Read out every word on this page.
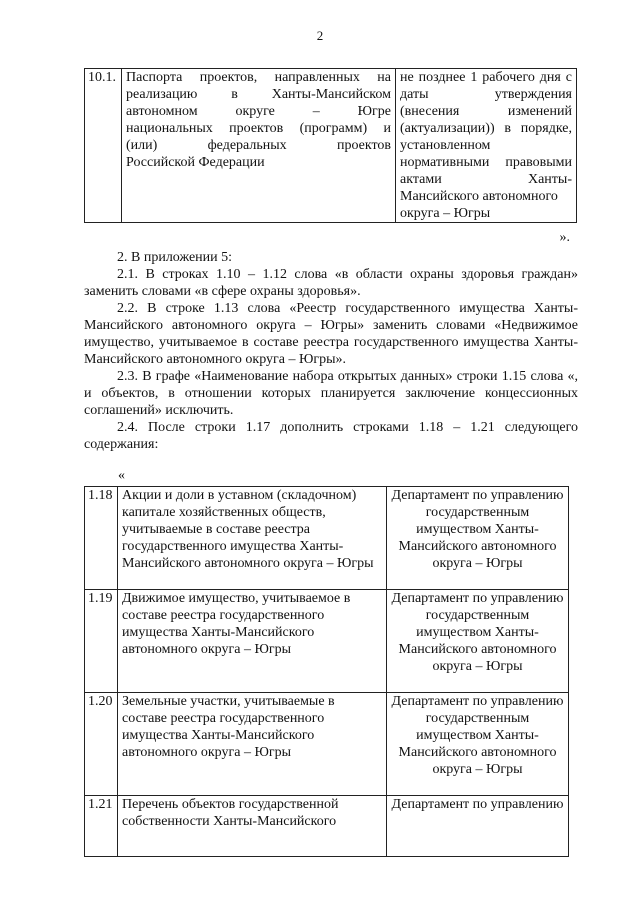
2
10.1.	Паспорта проектов, направленных на
реализацию в Ханты-Мансийском
автономном округе – Югре
национальных проектов (программ) и
(или) федеральных проектов
Российской Федерации
	не позднее 1 рабочего дня с
даты утверждения
(внесения изменений
(актуализации)) в порядке,
установленном
нормативными правовыми
актами Ханты-
Мансийского автономного округа – Югры
».

2. В приложении 5:

2.1. В строках 1.10 – 1.12 слова «в области охраны здоровья граждан» заменить словами «в сфере охраны здоровья».

2.2. В строке 1.13 слова «Реестр государственного имущества Ханты-Мансийского автономного округа – Югры» заменить словами «Недвижимое имущество, учитываемое в составе реестра государственного имущества Ханты-Мансийского автономного округа – Югры».

2.3. В графе «Наименование набора открытых данных» строки 1.15 слова «, и объектов, в отношении которых планируется заключение концессионных соглашений» исключить.

2.4. После строки 1.17 дополнить строками 1.18 – 1.21 следующего содержания:

«
1.18	Акции и доли в уставном (складочном) капитале хозяйственных обществ, учитываемые в составе реестра государственного имущества Ханты-Мансийского автономного округа – Югры	Департамент по управлению государственным имуществом Ханты-Мансийского автономного округа – Югры
1.19	Движимое имущество, учитываемое в составе реестра государственного имущества Ханты-Мансийского автономного округа – Югры	Департамент по управлению государственным имуществом Ханты-Мансийского автономного округа – Югры
1.20	Земельные участки, учитываемые в составе реестра государственного имущества Ханты-Мансийского автономного округа – Югры	Департамент по управлению государственным имуществом Ханты-Мансийского автономного округа – Югры
1.21	Перечень объектов государственной собственности Ханты-Мансийского	Департамент по управлению
